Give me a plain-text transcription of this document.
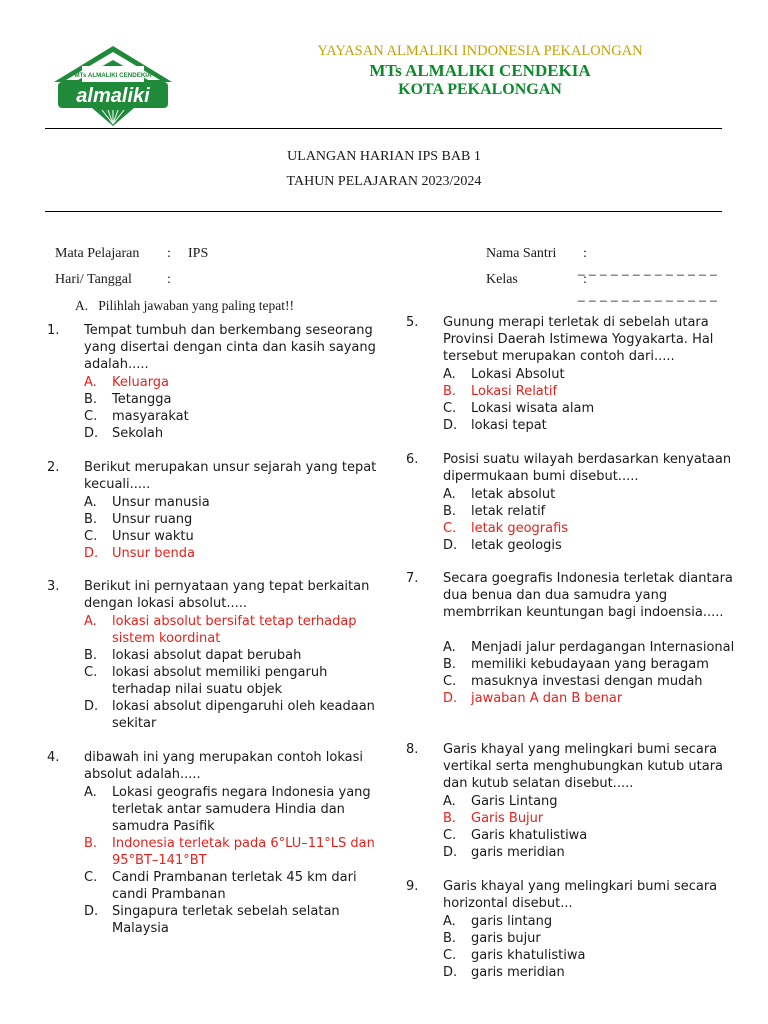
MTs ALMALIKI CENDEKIA
almaliki
YAYASAN ALMALIKI INDONESIA PEKALONGAN
MTs ALMALIKI CENDEKIA
KOTA PEKALONGAN
ULANGAN HARIAN IPS BAB 1
TAHUN PELAJARAN 2023/2024
Mata Pelajaran : IPS
Hari/ Tanggal	:
Nama Santri :
_ _ _ _ _ _ _ _ _ _ _ _ _
Kelas	:
_ _ _ _ _ _ _ _ _ _ _ _ _
A.   Pilihlah jawaban yang paling tepat!!
1. Tempat tumbuh dan berkembang seseorang yang disertai dengan cinta dan kasih sayang adalah.....
A. Keluarga
B. Tetangga
C. masyarakat
D. Sekolah
2. Berikut merupakan unsur sejarah yang tepat kecuali.....
A. Unsur manusia
B. Unsur ruang
C. Unsur waktu
D. Unsur benda
3. Berikut ini pernyataan yang tepat berkaitan dengan lokasi absolut.....
A. lokasi absolut bersifat tetap terhadap sistem koordinat
B. lokasi absolut dapat berubah
C. lokasi absolut memiliki pengaruh terhadap nilai suatu objek
D. lokasi absolut dipengaruhi oleh keadaan sekitar
4. dibawah ini yang merupakan contoh lokasi absolut adalah.....
A. Lokasi geografis negara Indonesia yang terletak antar samudera Hindia dan samudra Pasifik
B. Indonesia terletak pada 6°LU–11°LS dan 95°BT–141°BT
C. Candi Prambanan terletak 45 km dari candi Prambanan
D. Singapura terletak sebelah selatan Malaysia
5. Gunung merapi terletak di sebelah utara Provinsi Daerah Istimewa Yogyakarta. Hal tersebut merupakan contoh dari.....
A. Lokasi Absolut
B. Lokasi Relatif
C. Lokasi wisata alam
D. lokasi tepat
6. Posisi suatu wilayah berdasarkan kenyataan dipermukaan bumi disebut.....
A. letak absolut
B. letak relatif
C. letak geografis
D. letak geologis
7. Secara goegrafis Indonesia terletak diantara dua benua dan dua samudra yang membrrikan keuntungan bagi indoensia.....
A. Menjadi jalur perdagangan Internasional
B. memiliki kebudayaan yang beragam
C. masuknya investasi dengan mudah
D. jawaban A dan B benar
8. Garis khayal yang melingkari bumi secara vertikal serta menghubungkan kutub utara dan kutub selatan disebut.....
A. Garis Lintang
B. Garis Bujur
C. Garis khatulistiwa
D. garis meridian
9. Garis khayal yang melingkari bumi secara horizontal disebut...
A. garis lintang
B. garis bujur
C. garis khatulistiwa
D. garis meridian
